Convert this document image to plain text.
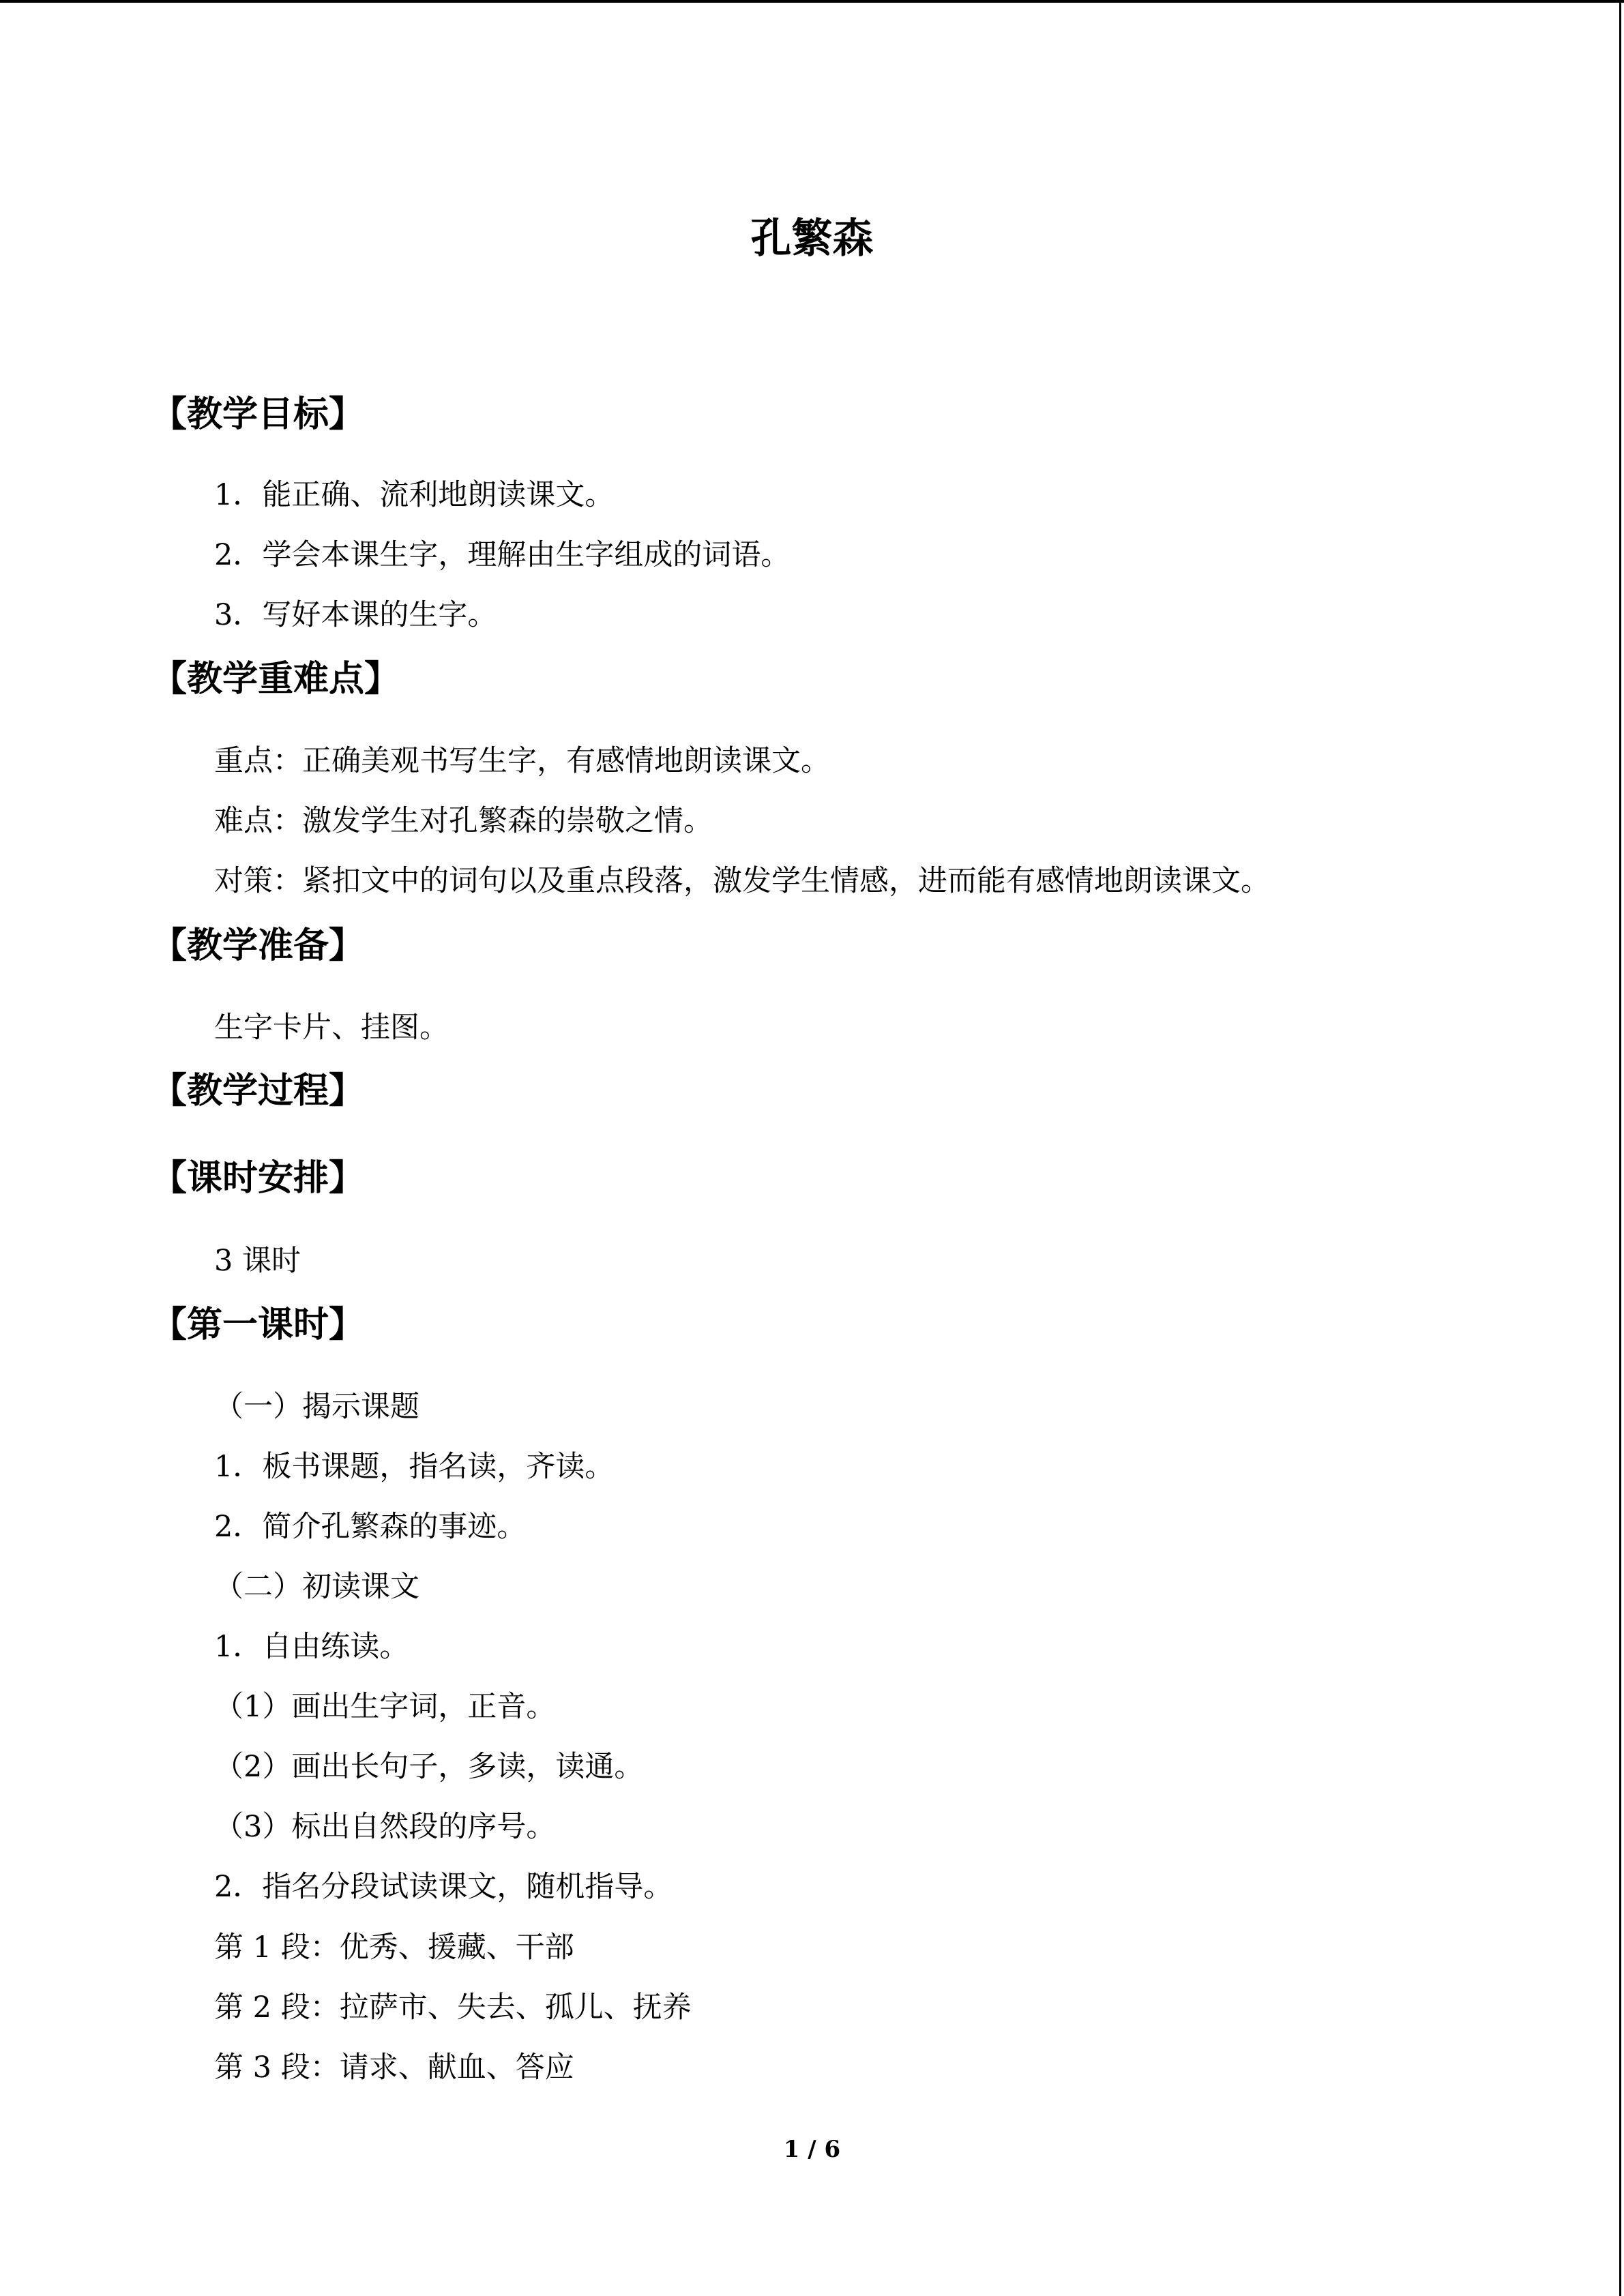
孔繁森
【教学目标】
1．能正确、流利地朗读课文。
2．学会本课生字，理解由生字组成的词语。
3．写好本课的生字。
【教学重难点】
重点：正确美观书写生字，有感情地朗读课文。
难点：激发学生对孔繁森的崇敬之情。
对策：紧扣文中的词句以及重点段落，激发学生情感，进而能有感情地朗读课文。
【教学准备】
生字卡片、挂图。
【教学过程】
【课时安排】
3 课时
【第一课时】
（一）揭示课题
1．板书课题，指名读，齐读。
2．简介孔繁森的事迹。
（二）初读课文
1．自由练读。
（1）画出生字词，正音。
（2）画出长句子，多读，读通。
（3）标出自然段的序号。
2．指名分段试读课文，随机指导。
第 1 段：优秀、援藏、干部
第 2 段：拉萨市、失去、孤儿、抚养
第 3 段：请求、献血、答应
1 / 6
